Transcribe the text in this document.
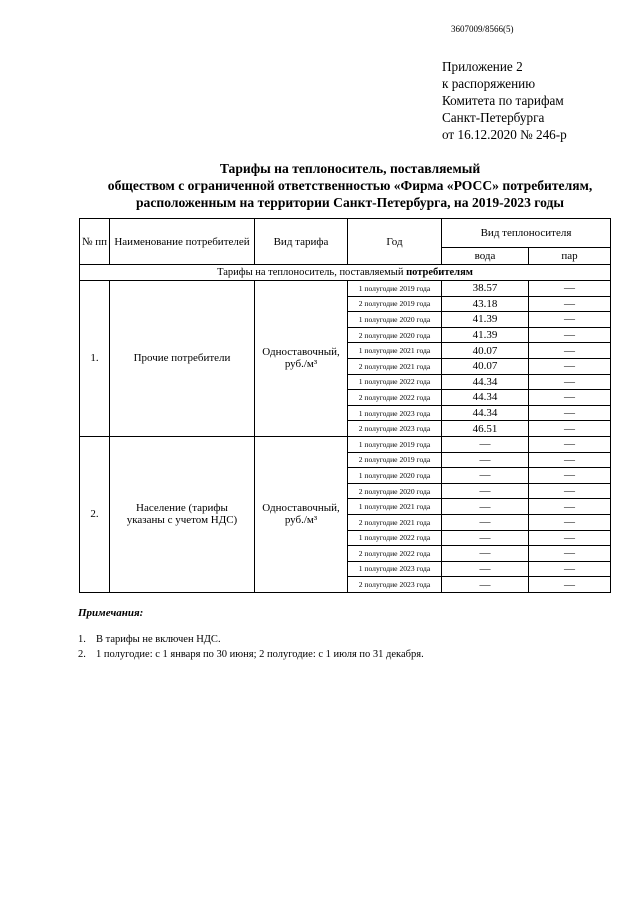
3607009/8566(5)
Приложение 2
к распоряжению
Комитета по тарифам
Санкт-Петербурга
от 16.12.2020 № 246-р
Тарифы на теплоноситель, поставляемый
обществом с ограниченной ответственностью «Фирма «РОСС» потребителям,
расположенным на территории Санкт-Петербурга, на 2019-2023 годы
№ пп	Наименование потребителей	Вид тарифа	Год	Вид теплоносителя	
				вода	пар
Тарифы на теплоноситель, поставляемый потребителям					
1.	Прочие потребители	Одноставочный, руб./м³	1 полугодие 2019 года	38.57	—
			2 полугодие 2019 года	43.18	—
			1 полугодие 2020 года	41.39	—
			2 полугодие 2020 года	41.39	—
			1 полугодие 2021 года	40.07	—
			2 полугодие 2021 года	40.07	—
			1 полугодие 2022 года	44.34	—
			2 полугодие 2022 года	44.34	—
			1 полугодие 2023 года	44.34	—
			2 полугодие 2023 года	46.51	—
2.	Население (тарифы указаны с учетом НДС)	Одноставочный, руб./м³	1 полугодие 2019 года	—	—
			2 полугодие 2019 года	—	—
			1 полугодие 2020 года	—	—
			2 полугодие 2020 года	—	—
			1 полугодие 2021 года	—	—
			2 полугодие 2021 года	—	—
			1 полугодие 2022 года	—	—
			2 полугодие 2022 года	—	—
			1 полугодие 2023 года	—	—
			2 полугодие 2023 года	—	—
Примечания:
1. В тарифы не включен НДС.
2. 1 полугодие: с 1 января по 30 июня; 2 полугодие: с 1 июля по 31 декабря.
